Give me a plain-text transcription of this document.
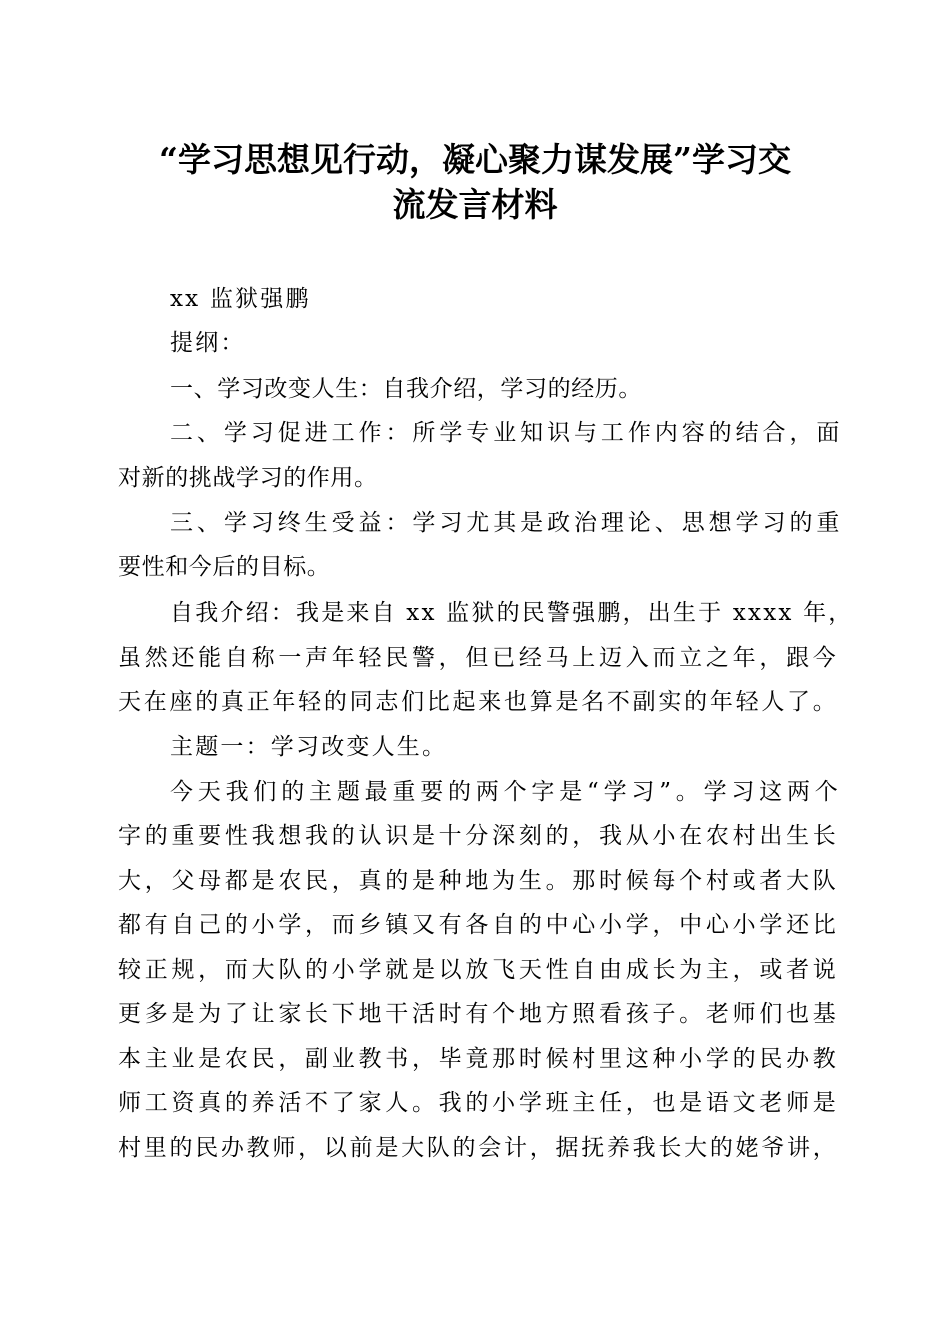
“学习思想见行动，凝心聚力谋发展”学习交
流发言材料
xx 监狱强鹏
提纲：
一、学习改变人生：自我介绍，学习的经历。
二、学习促进工作：所学专业知识与工作内容的结合，面
对新的挑战学习的作用。
三、学习终生受益：学习尤其是政治理论、思想学习的重
要性和今后的目标。
自我介绍：我是来自 xx 监狱的民警强鹏，出生于 xxxx 年，
虽然还能自称一声年轻民警，但已经马上迈入而立之年，跟今
天在座的真正年轻的同志们比起来也算是名不副实的年轻人了。
主题一：学习改变人生。
今天我们的主题最重要的两个字是“学习”。学习这两个
字的重要性我想我的认识是十分深刻的，我从小在农村出生长
大，父母都是农民，真的是种地为生。那时候每个村或者大队
都有自己的小学，而乡镇又有各自的中心小学，中心小学还比
较正规，而大队的小学就是以放飞天性自由成长为主，或者说
更多是为了让家长下地干活时有个地方照看孩子。老师们也基
本主业是农民，副业教书，毕竟那时候村里这种小学的民办教
师工资真的养活不了家人。我的小学班主任，也是语文老师是
村里的民办教师，以前是大队的会计，据抚养我长大的姥爷讲，
